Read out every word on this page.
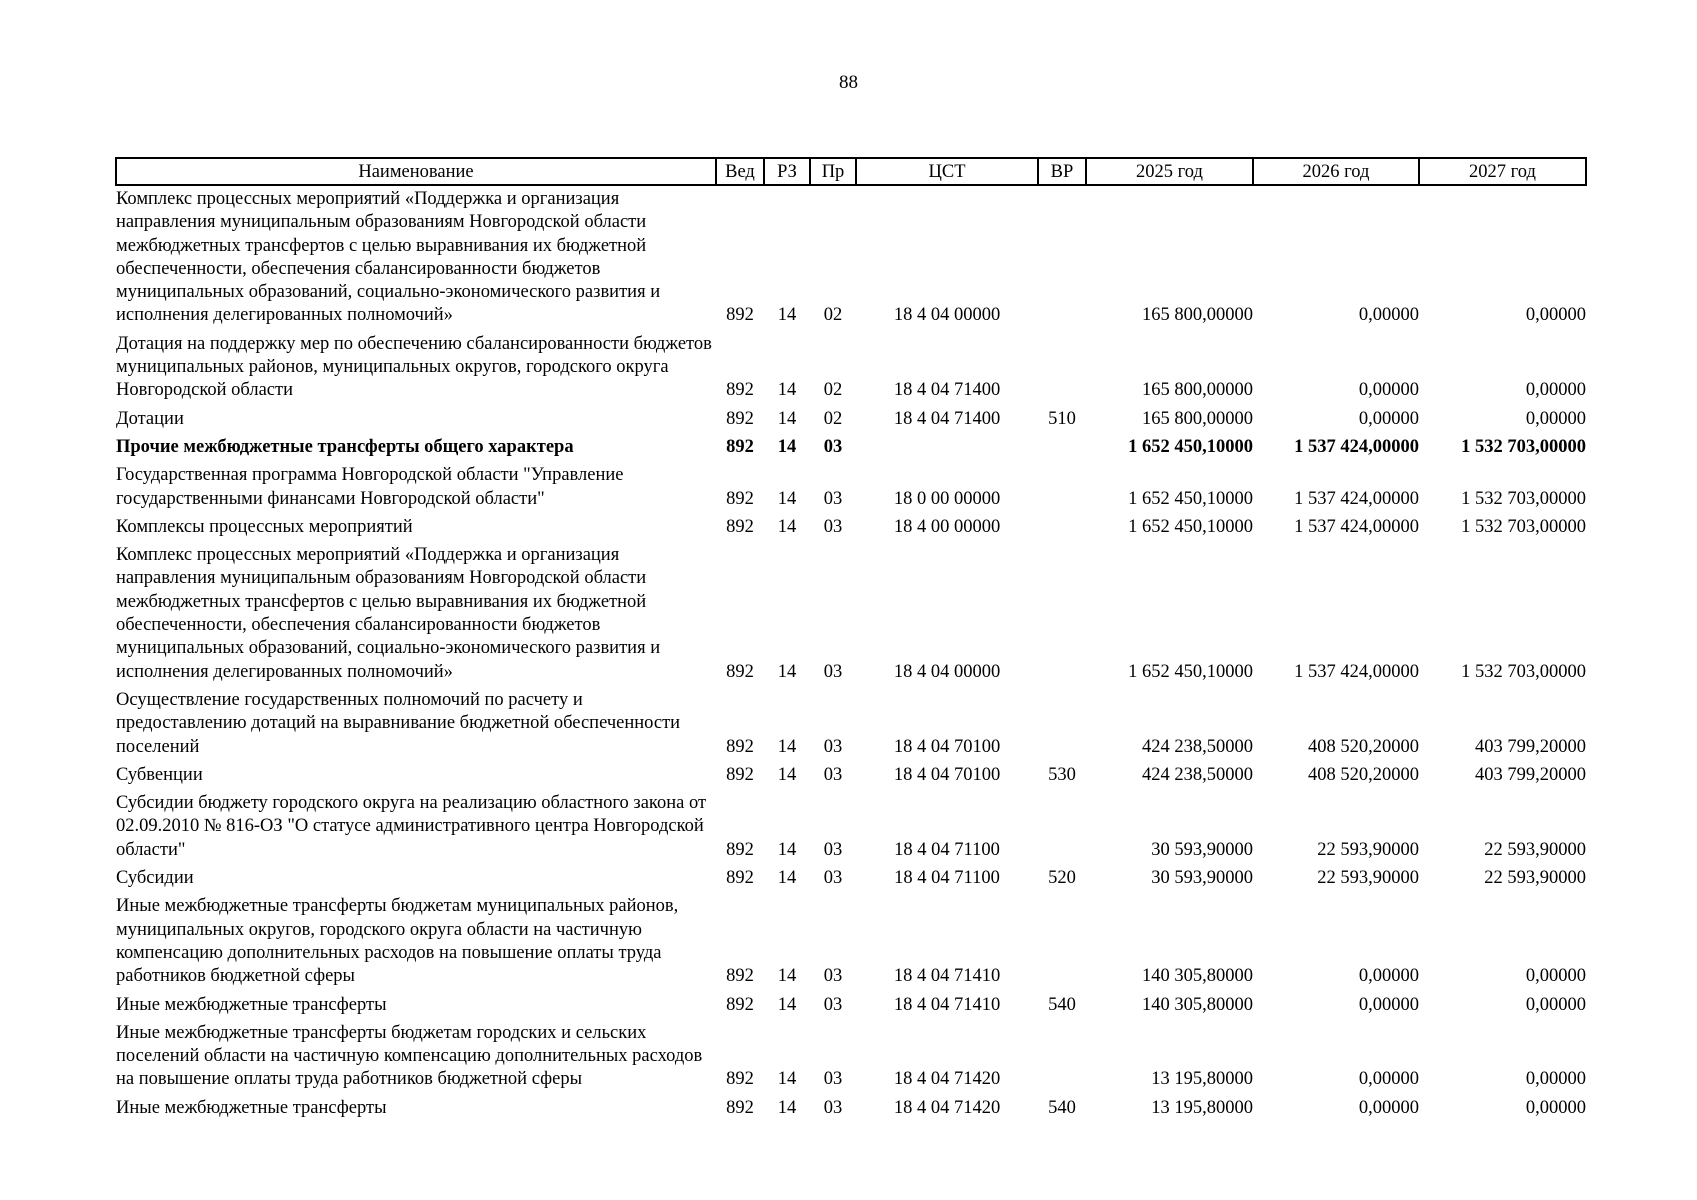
88
Наименование	Вед	РЗ	Пр	ЦСТ	ВР	2025 год	2026 год	2027 год
Комплекс процессных мероприятий «Поддержка и организация направления муниципальным образованиям Новгородской области межбюджетных трансфертов с целью выравнивания их бюджетной обеспеченности, обеспечения сбалансированности бюджетов муниципальных образований, социально-экономического развития и исполнения делегированных полномочий»	892	14	02	18 4 04 00000		165 800,00000	0,00000	0,00000
Дотация на поддержку мер по обеспечению сбалансированности бюджетов муниципальных районов, муниципальных округов, городского округа Новгородской области	892	14	02	18 4 04 71400		165 800,00000	0,00000	0,00000
Дотации	892	14	02	18 4 04 71400	510	165 800,00000	0,00000	0,00000
Прочие межбюджетные трансферты общего характера	892	14	03			1 652 450,10000	1 537 424,00000	1 532 703,00000
Государственная программа Новгородской области "Управление государственными финансами Новгородской области"	892	14	03	18 0 00 00000		1 652 450,10000	1 537 424,00000	1 532 703,00000
Комплексы процессных мероприятий	892	14	03	18 4 00 00000		1 652 450,10000	1 537 424,00000	1 532 703,00000
Комплекс процессных мероприятий «Поддержка и организация направления муниципальным образованиям Новгородской области межбюджетных трансфертов с целью выравнивания их бюджетной обеспеченности, обеспечения сбалансированности бюджетов муниципальных образований, социально-экономического развития и исполнения делегированных полномочий»	892	14	03	18 4 04 00000		1 652 450,10000	1 537 424,00000	1 532 703,00000
Осуществление государственных полномочий по расчету и предоставлению дотаций на выравнивание бюджетной обеспеченности поселений	892	14	03	18 4 04 70100		424 238,50000	408 520,20000	403 799,20000
Субвенции	892	14	03	18 4 04 70100	530	424 238,50000	408 520,20000	403 799,20000
Субсидии бюджету городского округа на реализацию областного закона от 02.09.2010 № 816-ОЗ "О статусе административного центра Новгородской области"	892	14	03	18 4 04 71100		30 593,90000	22 593,90000	22 593,90000
Субсидии	892	14	03	18 4 04 71100	520	30 593,90000	22 593,90000	22 593,90000
Иные межбюджетные трансферты бюджетам муниципальных районов, муниципальных округов, городского округа области на частичную компенсацию дополнительных расходов на повышение оплаты труда работников бюджетной сферы	892	14	03	18 4 04 71410		140 305,80000	0,00000	0,00000
Иные межбюджетные трансферты	892	14	03	18 4 04 71410	540	140 305,80000	0,00000	0,00000
Иные межбюджетные трансферты бюджетам городских и сельских поселений области на частичную компенсацию дополнительных расходов на повышение оплаты труда работников бюджетной сферы	892	14	03	18 4 04 71420		13 195,80000	0,00000	0,00000
Иные межбюджетные трансферты	892	14	03	18 4 04 71420	540	13 195,80000	0,00000	0,00000
